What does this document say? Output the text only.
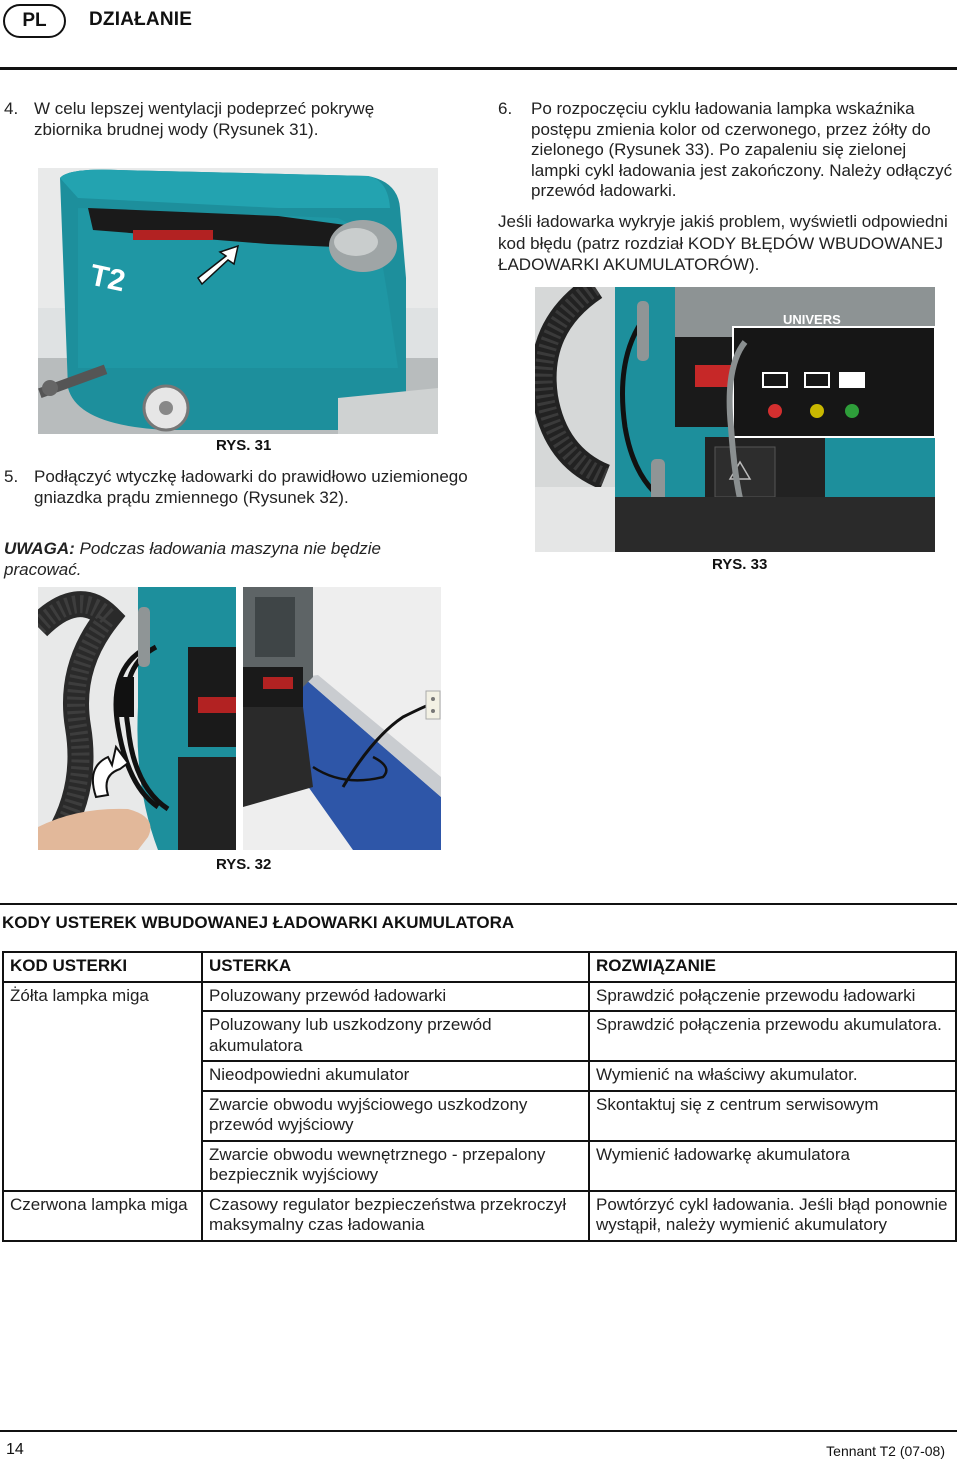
PL	DZIAŁANIE
4. W celu lepszej wentylacji podeprzeć pokrywę zbiornika brudnej wody (Rysunek 31).
T2
RYS. 31
5. Podłączyć wtyczkę ładowarki do prawidłowo uziemionego gniazdka prądu zmiennego (Rysunek 32).
UWAGA: Podczas ładowania maszyna nie będzie pracować.
RYS. 32
6.	Po rozpoczęciu cyklu ładowania lampka wskaźnika postępu zmienia kolor od czerwonego, przez żółty do zielonego (Rysunek 33). Po zapaleniu się zielonej lampki cykl ładowania jest zakończony. Należy odłączyć przewód ładowarki.
Jeśli ładowarka wykryje jakiś problem, wyświetli odpowiedni kod błędu (patrz rozdział KODY BŁĘDÓW WBUDOWANEJ ŁADOWARKI AKUMULATORÓW).
UNIVERS
RYS. 33
KODY USTEREK WBUDOWANEJ ŁADOWARKI AKUMULATORA
KOD USTERKI	USTERKA	ROZWIĄZANIE
Żółta lampka miga	Poluzowany przewód ładowarki	Sprawdzić połączenie przewodu ładowarki
	Poluzowany lub uszkodzony przewód akumulatora	Sprawdzić połączenia przewodu akumulatora.
	Nieodpowiedni akumulator	Wymienić na właściwy akumulator.
	Zwarcie obwodu wyjściowego uszkodzony przewód wyjściowy	Skontaktuj się z centrum serwisowym
	Zwarcie obwodu wewnętrznego - przepalony bezpiecznik wyjściowy	Wymienić ładowarkę akumulatora
Czerwona lampka miga	Czasowy regulator bezpieczeństwa przekroczył maksymalny czas ładowania	Powtórzyć cykl ładowania. Jeśli błąd ponownie wystąpił, należy wymienić akumulatory
14	Tennant T2 (07-08)
